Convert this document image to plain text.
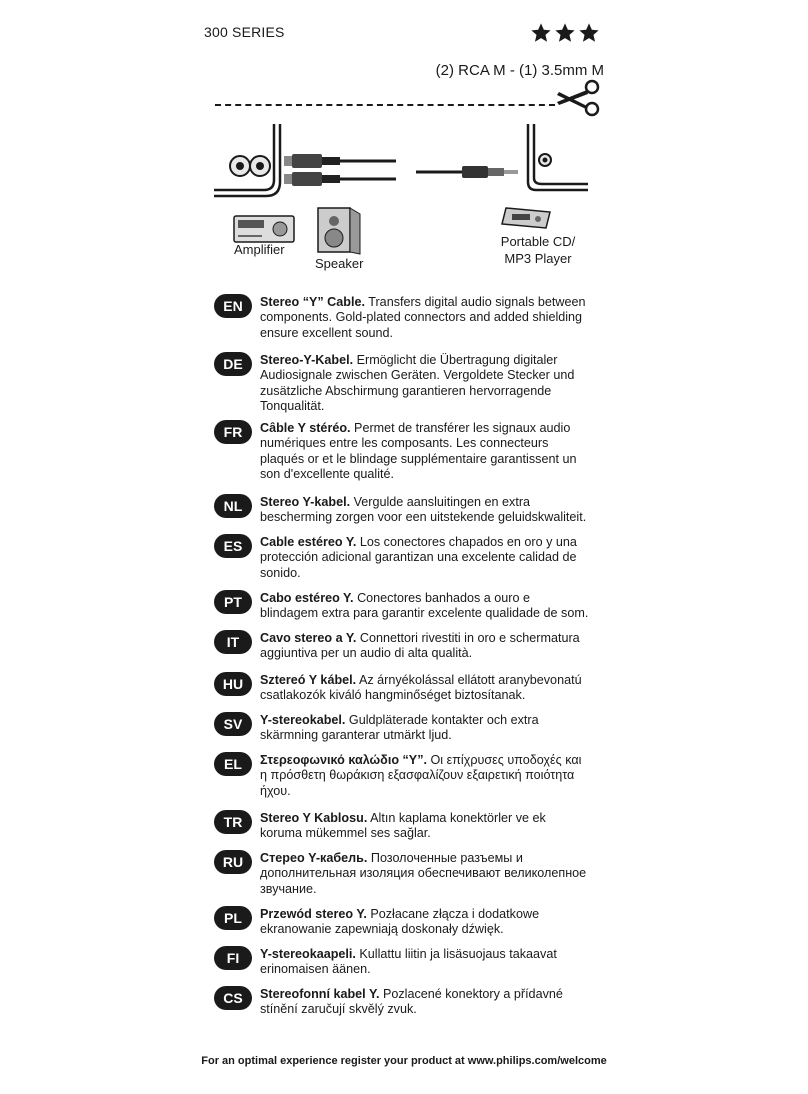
300 SERIES
(2) RCA M - (1) 3.5mm M
Amplifier
Speaker
Portable CD/
MP3 Player
EN	Stereo “Y” Cable. Transfers digital audio signals between components. Gold-plated connectors and added shielding ensure excellent sound.
DE	Stereo-Y-Kabel. Ermöglicht die Übertragung digitaler Audiosignale zwischen Geräten. Vergoldete Stecker und zusätzliche Abschirmung garantieren hervorragende Tonqualität.
FR	Câble Y stéréo. Permet de transférer les signaux audio numériques entre les composants. Les connecteurs plaqués or et le blindage supplémentaire garantissent un son d'excellente qualité.
NL	Stereo Y-kabel. Vergulde aansluitingen en extra bescherming zorgen voor een uitstekende geluidskwaliteit.
ES	Cable estéreo Y. Los conectores chapados en oro y una protección adicional garantizan una excelente calidad de sonido.
PT	Cabo estéreo Y. Conectores banhados a ouro e blindagem extra para garantir excelente qualidade de som.
IT	Cavo stereo a Y. Connettori rivestiti in oro e schermatura aggiuntiva per un audio di alta qualità.
HU	Sztereó Y kábel. Az árnyékolással ellátott aranybevonatú csatlakozók kiváló hangminőséget biztosítanak.
SV	Y-stereokabel. Guldpläterade kontakter och extra skärmning garanterar utmärkt ljud.
EL	Στερεοφωνικό καλώδιο “Y”. Οι επίχρυσες υποδοχές και η πρόσθετη θωράκιση εξασφαλίζουν εξαιρετική ποιότητα ήχου.
TR	Stereo Y Kablosu. Altın kaplama konektörler ve ek koruma mükemmel ses sağlar.
RU	Стерео Y-кабель. Позолоченные разъемы и дополнительная изоляция обеспечивают великолепное звучание.
PL	Przewód stereo Y. Pozłacane złącza i dodatkowe ekranowanie zapewniają doskonały dźwięk.
FI	Y-stereokaapeli. Kullattu liitin ja lisäsuojaus takaavat erinomaisen äänen.
CS	Stereofonní kabel Y. Pozlacené konektory a přídavné stínění zaručují skvělý zvuk.
For an optimal experience register your product at www.philips.com/welcome
